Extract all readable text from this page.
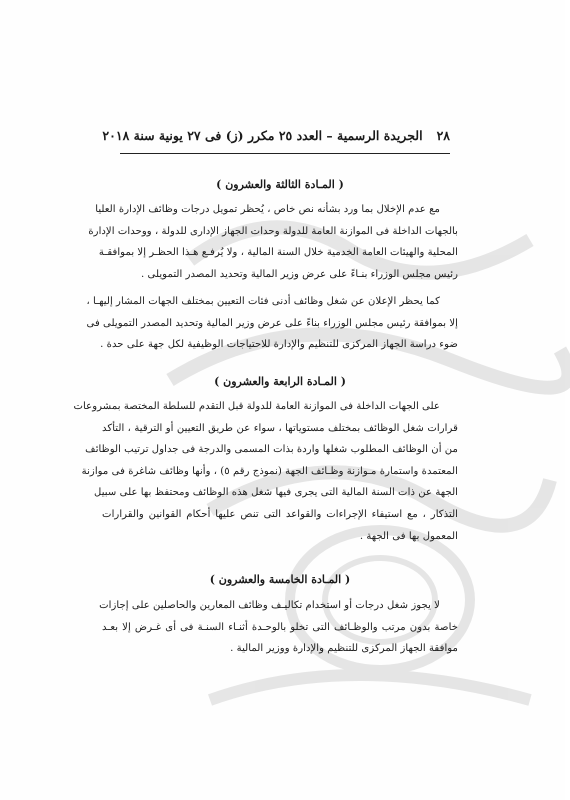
٢٨
الجريدة الرسمية – العدد ٢٥ مكرر (ز) فى ٢٧ يونية سنة ٢٠١٨
( المـادة الثالثة والعشرون )
مع عدم الإخلال بما ورد بشأنه نص خاص ، يُحظر تمويل درجات وظائف الإدارة العليا
بالجهات الداخلة فى الموازنة العامة للدولة وحدات الجهاز الإدارى للدولة ، ووحدات الإدارة
المحلية والهيئات العامة الخدمية خلال السنة المالية ، ولا يُرفـع هـذا الحظـر إلا بموافقـة
رئيس مجلس الوزراء بنـاءً على عرض وزير المالية وتحديد المصدر التمويلى .
كما يحظر الإعلان عن شغل وظائف أدنى فئات التعيين بمختلف الجهات المشار إليهـا ،
إلا بموافقة رئيس مجلس الوزراء بناءً على عرض وزير المالية وتحديد المصدر التمويلى فى
ضوء دراسة الجهاز المركزى للتنظيم والإدارة للاحتياجات الوظيفية لكل جهة على حدة .
( المـادة الرابعة والعشرون )
على الجهات الداخلة فى الموازنة العامة للدولة قبل التقدم للسلطة المختصة بمشروعات
قرارات شغل الوظائف بمختلف مستوياتها ، سواء عن طريق التعيين أو الترقية ، التأكد
من أن الوظائف المطلوب شغلها واردة بذات المسمى والدرجة فى جداول ترتيب الوظائف
المعتمدة واستمارة مـوازنة وظـائف الجهة (نموذج رقم ٥) ، وأنها وظائف شاغرة فى موازنة
الجهة عن ذات السنة المالية التى يجرى فيها شغل هذه الوظائف ومحتفظ بها على سبيل
التذكار ، مع استيفاء الإجراءات والقواعد التى تنص عليها أحكام القوانين والقرارات
المعمول بها فى الجهة .
( المـادة الخامسة والعشرون )
لا يجوز شغل درجات أو استخدام تكاليـف وظائف المعارين والحاصلين على إجازات
خاصة بدون مرتب والوظـائف التى تخلو بالوحـدة أثنـاء السنـة فى أى غـرض إلا بعـد
موافقة الجهاز المركزى للتنظيم والإدارة ووزير المالية .
